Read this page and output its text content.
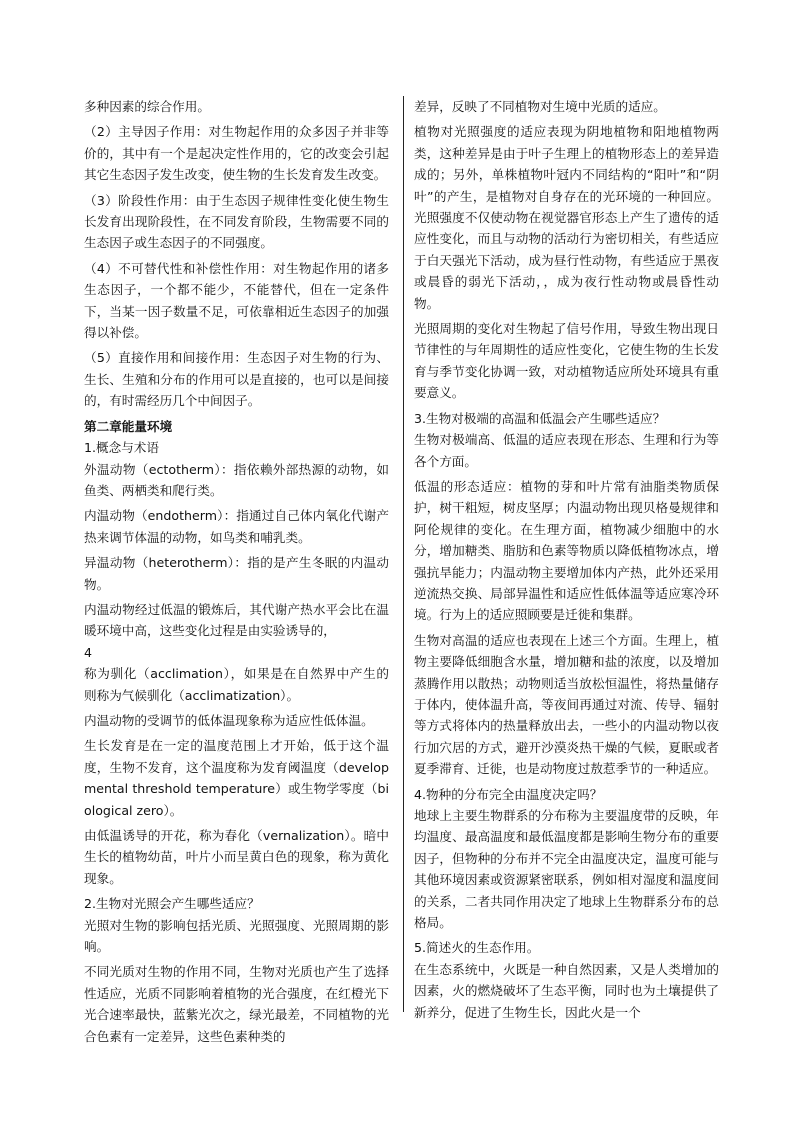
多种因素的综合作用。

（2）主导因子作用：对生物起作用的众多因子并非等价的，其中有一个是起决定性作用的，它的改变会引起其它生态因子发生改变，使生物的生长发育发生改变。

（3）阶段性作用：由于生态因子规律性变化使生物生长发育出现阶段性，在不同发育阶段，生物需要不同的生态因子或生态因子的不同强度。

（4）不可替代性和补偿性作用：对生物起作用的诸多生态因子，一个都不能少，不能替代，但在一定条件下，当某一因子数量不足，可依靠相近生态因子的加强得以补偿。

（5）直接作用和间接作用：生态因子对生物的行为、生长、生殖和分布的作用可以是直接的，也可以是间接的，有时需经历几个中间因子。

第二章能量环境

1.概念与术语

外温动物（ectotherm）：指依赖外部热源的动物，如鱼类、两栖类和爬行类。

内温动物（endotherm）：指通过自己体内氧化代谢产热来调节体温的动物，如鸟类和哺乳类。

异温动物（heterotherm）：指的是产生冬眠的内温动物。

内温动物经过低温的锻炼后，其代谢产热水平会比在温暖环境中高，这些变化过程是由实验诱导的，

4

称为驯化（acclimation），如果是在自然界中产生的则称为气候驯化（acclimatization）。

内温动物的受调节的低体温现象称为适应性低体温。

生长发育是在一定的温度范围上才开始，低于这个温度，生物不发育，这个温度称为发育阈温度（developmental threshold temperature）或生物学零度（biological zero）。

由低温诱导的开花，称为春化（vernalization）。暗中生长的植物幼苗，叶片小而呈黄白色的现象，称为黄化现象。

2.生物对光照会产生哪些适应？

光照对生物的影响包括光质、光照强度、光照周期的影响。

不同光质对生物的作用不同，生物对光质也产生了选择性适应，光质不同影响着植物的光合强度，在红橙光下光合速率最快，蓝紫光次之，绿光最差，不同植物的光合色素有一定差异，这些色素种类的

差异，反映了不同植物对生境中光质的适应。

植物对光照强度的适应表现为阴地植物和阳地植物两类，这种差异是由于叶子生理上的植物形态上的差异造成的；另外，单株植物叶冠内不同结构的“阳叶”和“阴叶”的产生，是植物对自身存在的光环境的一种回应。光照强度不仅使动物在视觉器官形态上产生了遗传的适应性变化，而且与动物的活动行为密切相关，有些适应于白天强光下活动，成为昼行性动物，有些适应于黑夜或晨昏的弱光下活动，，成为夜行性动物或晨昏性动物。

光照周期的变化对生物起了信号作用，导致生物出现日节律性的与年周期性的适应性变化，它使生物的生长发育与季节变化协调一致，对动植物适应所处环境具有重要意义。

3.生物对极端的高温和低温会产生哪些适应？

生物对极端高、低温的适应表现在形态、生理和行为等各个方面。

低温的形态适应：植物的芽和叶片常有油脂类物质保护，树干粗短，树皮坚厚；内温动物出现贝格曼规律和阿伦规律的变化。在生理方面，植物减少细胞中的水分，增加糖类、脂肪和色素等物质以降低植物冰点，增强抗旱能力；内温动物主要增加体内产热，此外还采用逆流热交换、局部异温性和适应性低体温等适应寒冷环境。行为上的适应照顾要是迁徙和集群。

生物对高温的适应也表现在上述三个方面。生理上，植物主要降低细胞含水量，增加糖和盐的浓度，以及增加蒸腾作用以散热；动物则适当放松恒温性，将热量储存于体内，使体温升高，等夜间再通过对流、传导、辐射等方式将体内的热量释放出去，一些小的内温动物以夜行加穴居的方式，避开沙漠炎热干燥的气候，夏眠或者夏季滞育、迁徙，也是动物度过敖惹季节的一种适应。

4.物种的分布完全由温度决定吗？

地球上主要生物群系的分布称为主要温度带的反映，年均温度、最高温度和最低温度都是影响生物分布的重要因子，但物种的分布并不完全由温度决定，温度可能与其他环境因素或资源紧密联系，例如相对湿度和温度间的关系，二者共同作用决定了地球上生物群系分布的总格局。

5.简述火的生态作用。

在生态系统中，火既是一种自然因素，又是人类增加的因素，火的燃烧破坏了生态平衡，同时也为土壤提供了新养分，促进了生物生长，因此火是一个
